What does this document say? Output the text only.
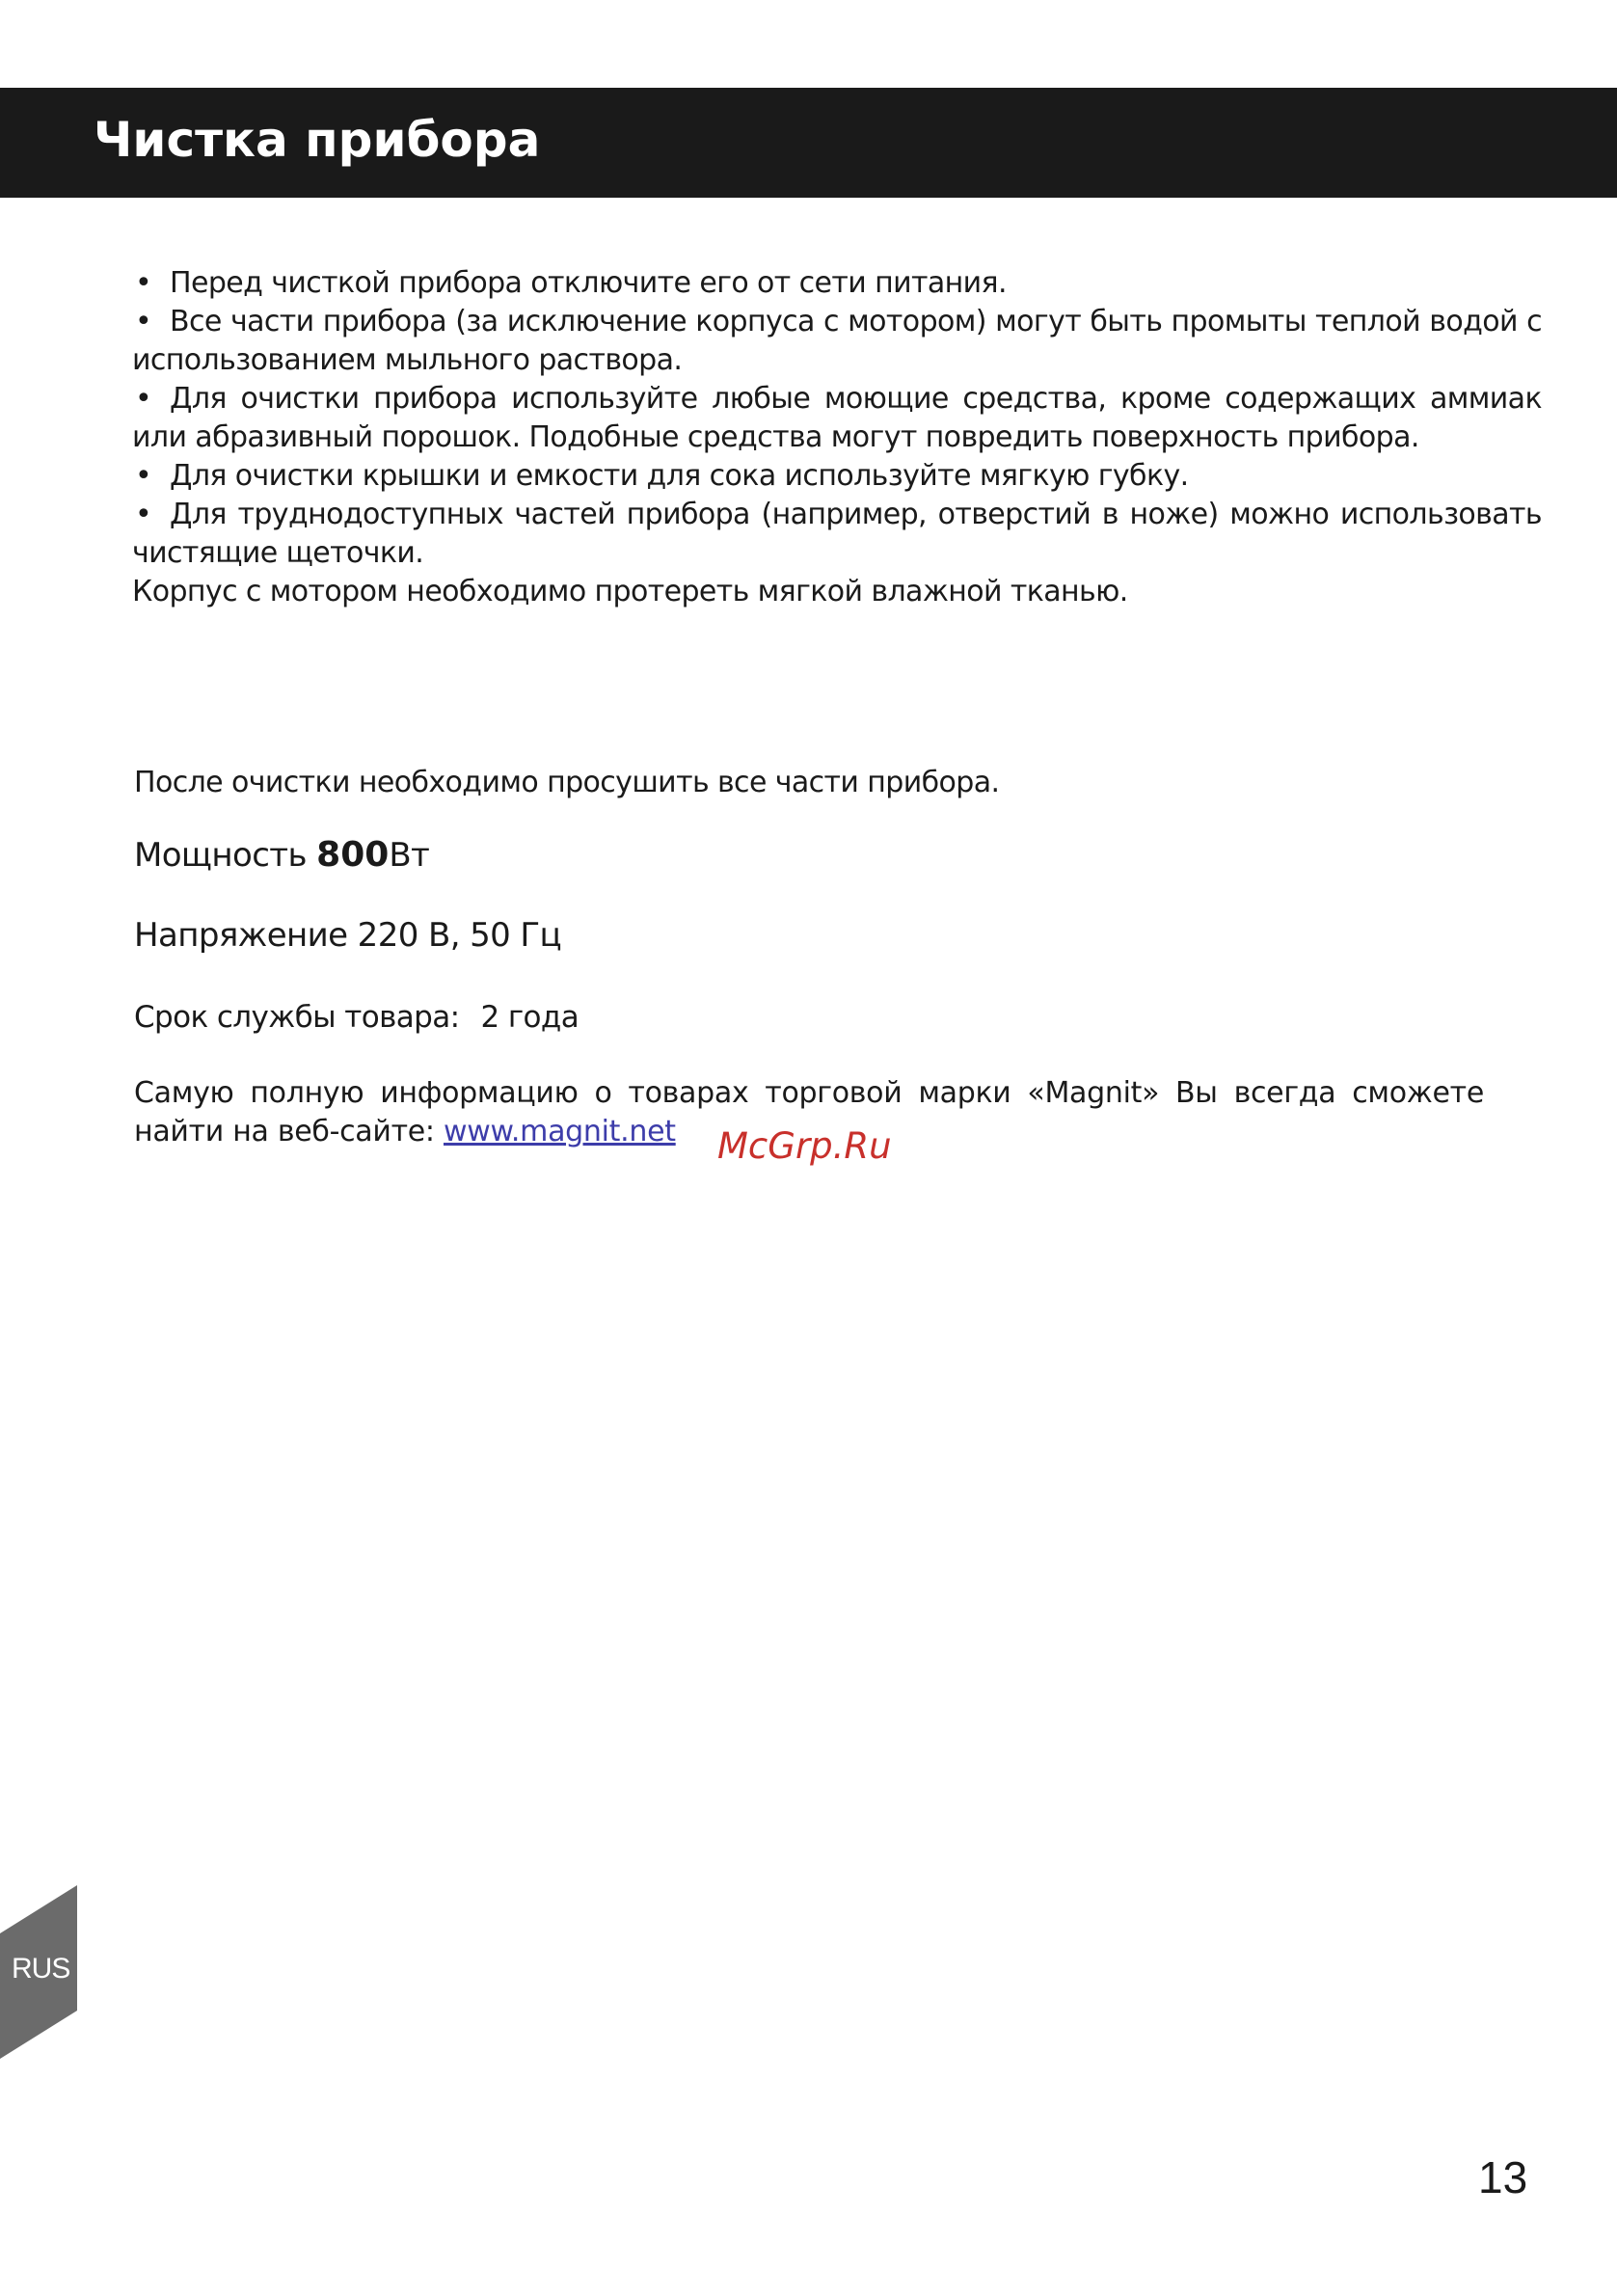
Чистка прибора

• Перед чисткой прибора отключите его от сети питания.

• Все части прибора (за исключение корпуса с мотором) могут быть промыты теплой водой с использованием мыльного раствора.

• Для очистки прибора используйте любые моющие средства, кроме содержащих аммиак или абразивный порошок. Подобные средства могут повредить поверхность прибора.

• Для очистки крышки и емкости для сока используйте мягкую губку.

• Для труднодоступных частей прибора (например, отверстий в ноже) можно использовать чистящие щеточки.

Корпус с мотором необходимо протереть мягкой влажной тканью.

После очистки необходимо просушить все части прибора.
Мощность 800Вт
Напряжение 220 В, 50 Гц
Срок службы товара: 2 года
Самую полную информацию о товарах торговой марки «Magnit» Вы всегда сможете найти на веб-сайте: www.magnit.net	McGrp.Ru
RUS
13
